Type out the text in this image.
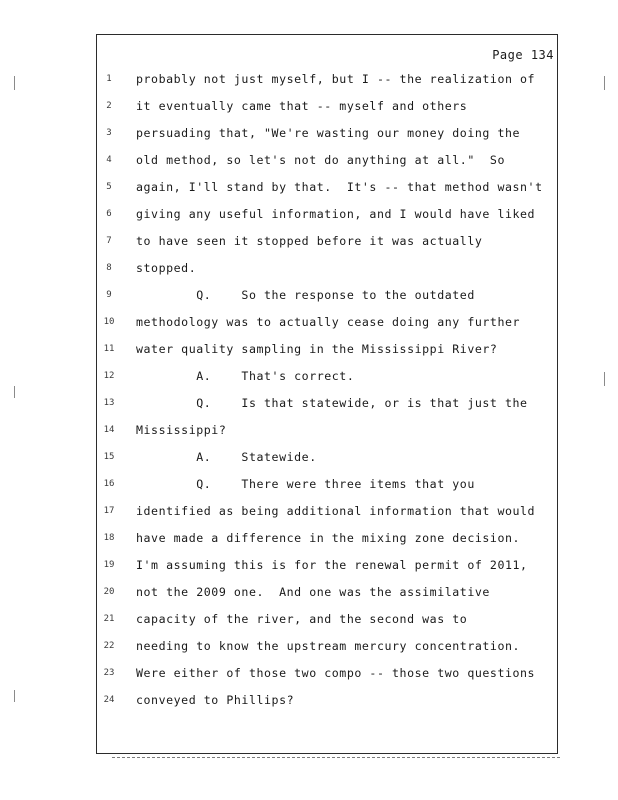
Page 134
1	probably not just myself, but I -- the realization of
2	it eventually came that -- myself and others
3	persuading that, "We're wasting our money doing the
4	old method, so let's not do anything at all."  So
5	again, I'll stand by that.  It's -- that method wasn't
6	giving any useful information, and I would have liked
7	to have seen it stopped before it was actually
8	stopped.
9	Q.    So the response to the outdated
10	methodology was to actually cease doing any further
11	water quality sampling in the Mississippi River?
12	A.    That's correct.
13	Q.    Is that statewide, or is that just the
14	Mississippi?
15	A.    Statewide.
16	Q.    There were three items that you
17	identified as being additional information that would
18	have made a difference in the mixing zone decision.
19	I'm assuming this is for the renewal permit of 2011,
20	not the 2009 one.  And one was the assimilative
21	capacity of the river, and the second was to
22	needing to know the upstream mercury concentration.
23	Were either of those two compo -- those two questions
24	conveyed to Phillips?
